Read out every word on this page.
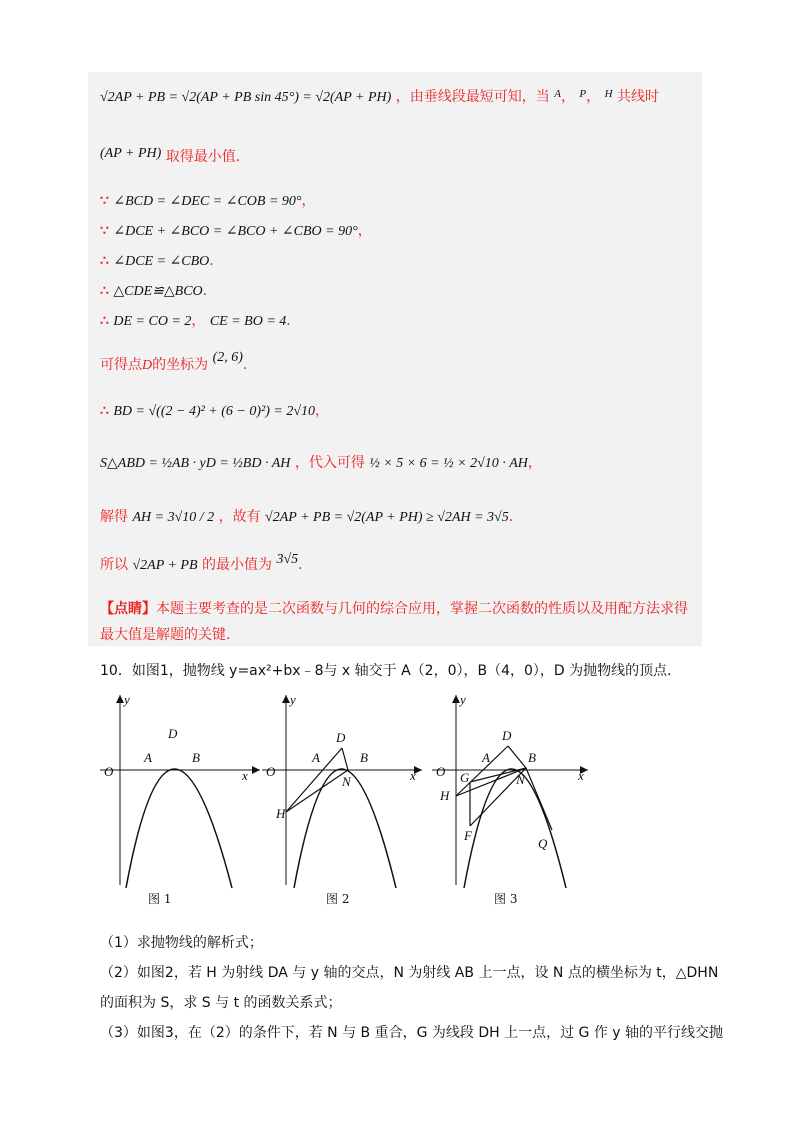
√2AP + PB = √2(AP + PB sin 45°) = √2(AP + PH) ，由垂线段最短可知，当 $^A$， $^P$， $^H$ 共线时
(AP + PH) 取得最小值．
∵ ∠BCD = ∠DEC = ∠COB = 90°，
∵ ∠DCE + ∠BCO = ∠BCO + ∠CBO = 90°，
∴ ∠DCE = ∠CBO．
∴ △CDE≌△BCO．
∴ DE = CO = 2， CE = BO = 4．
可得点D的坐标为 (2, 6)．
∴ BD = √((2 − 4)² + (6 − 0)²) = 2√10，
S△ABD = ½AB · yD = ½BD · AH ，代入可得 ½ × 5 × 6 = ½ × 2√10 · AH，
解得 AH = 3√10 / 2 ，故有 √2AP + PB = √2(AP + PH) ≥ √2AH = 3√5．
所以 √2AP + PB 的最小值为 3√5．
【点睛】本题主要考查的是二次函数与几何的综合应用，掌握二次函数的性质以及用配方法求得最大值是解题的关键．
10．如图1，抛物线 y=ax²+bx﹣8与 x 轴交于 A（2，0），B（4，0），D 为抛物线的顶点．
O	x
y
A	B
D
O	x
y
A	B
D
N
H
O	x
y
A	B
D
N
G
H
F
Q
图 1	图 2	图 3
（1）求抛物线的解析式；
（2）如图2，若 H 为射线 DA 与 y 轴的交点，N 为射线 AB 上一点，设 N 点的横坐标为 t，△DHN
的面积为 S，求 S 与 t 的函数关系式；
（3）如图3，在（2）的条件下，若 N 与 B 重合，G 为线段 DH 上一点，过 G 作 y 轴的平行线交抛
